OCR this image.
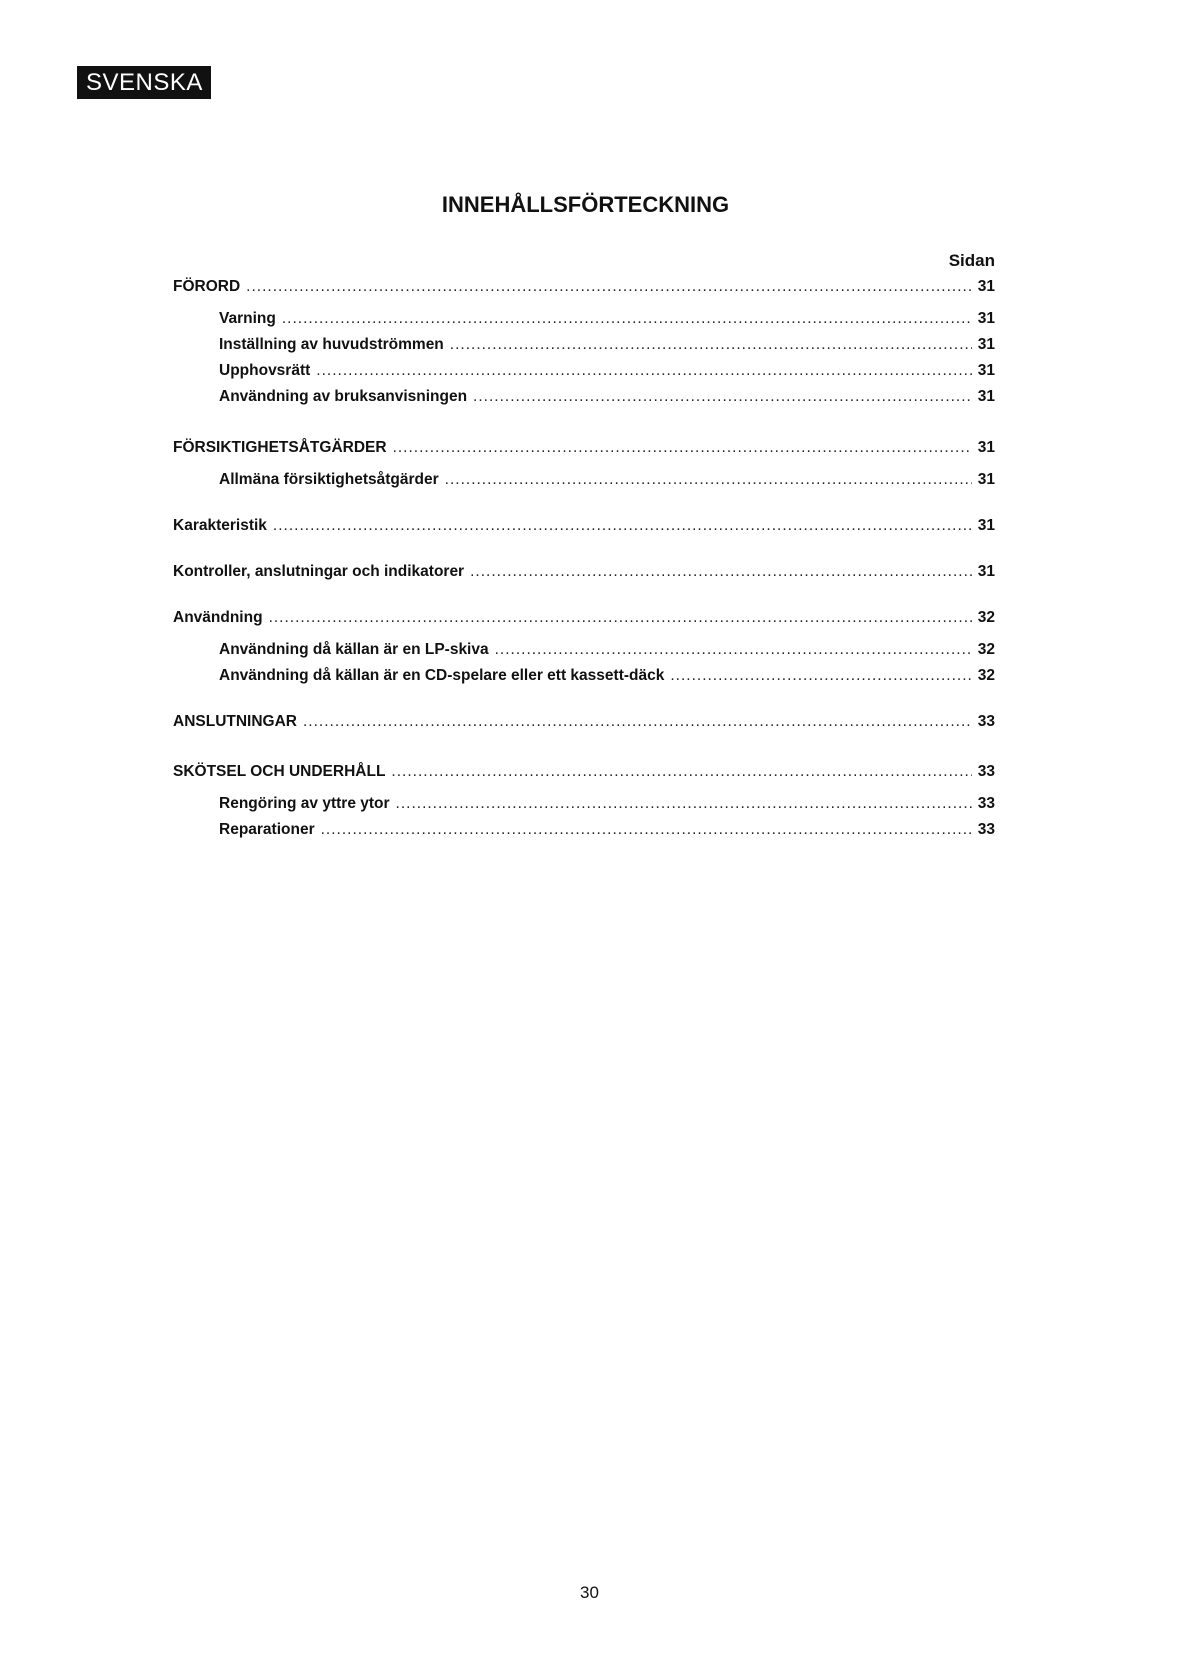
SVENSKA
INNEHÅLLSFÖRTECKNING
Sidan
FÖRORD .....	31
Varning .....	31
Inställning av huvudströmmen .....	31
Upphovsrätt .....	31
Användning av bruksanvisningen .....	31
FÖRSIKTIGHETSÅTGÄRDER .....	31
Allmäna försiktighetsåtgärder .....	31
Karakteristik .....	31
Kontroller, anslutningar och indikatorer .....	31
Användning .....	32
Användning då källan är en LP-skiva .....	32
Användning då källan är en CD-spelare eller ett kassett-däck .....	32
ANSLUTNINGAR .....	33
SKÖTSEL OCH UNDERHÅLL .....	33
Rengöring av yttre ytor .....	33
Reparationer .....	33
30
